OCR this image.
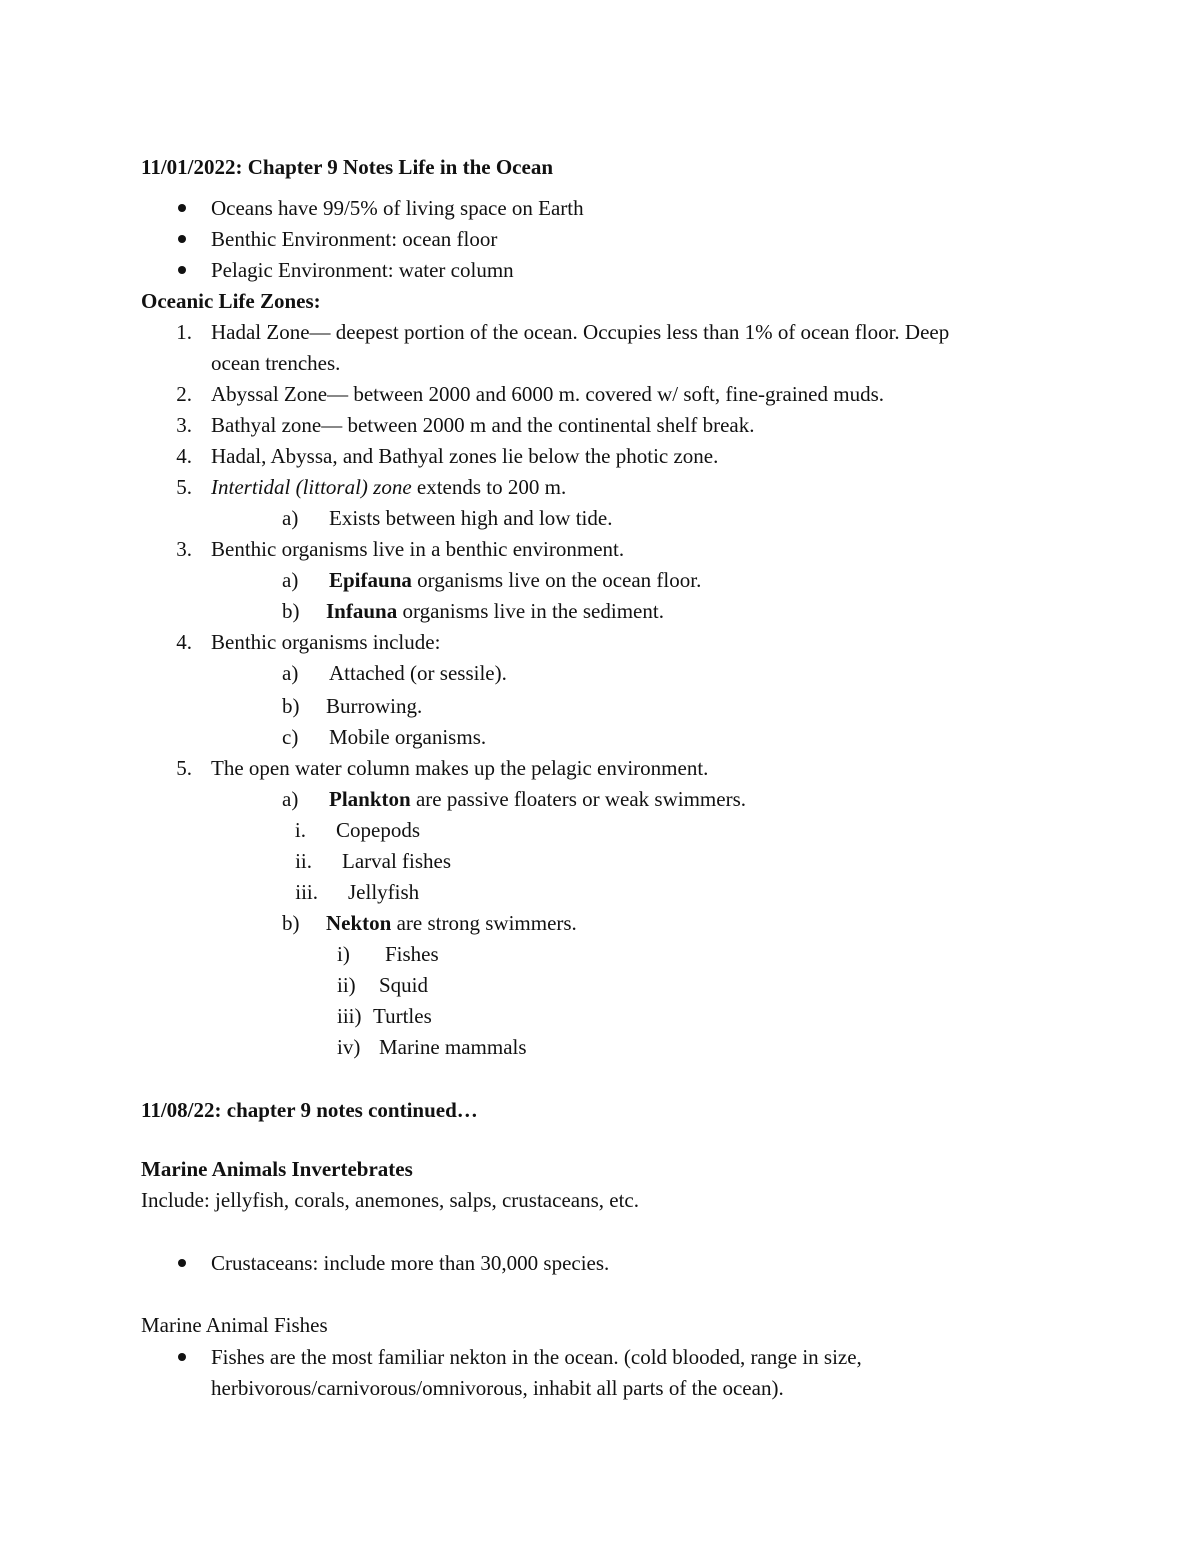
11/01/2022: Chapter 9 Notes Life in the Ocean
Oceans have 99/5% of living space on Earth
Benthic Environment: ocean floor
Pelagic Environment: water column
Oceanic Life Zones:
1. Hadal Zone— deepest portion of the ocean. Occupies less than 1% of ocean floor. Deep
ocean trenches.
2. Abyssal Zone— between 2000 and 6000 m. covered w/ soft, fine-grained muds.
3. Bathyal zone— between 2000 m and the continental shelf break.
4. Hadal, Abyssa, and Bathyal zones lie below the photic zone.
5. Intertidal (littoral) zone extends to 200 m.
a) Exists between high and low tide.
3. Benthic organisms live in a benthic environment.
a) Epifauna organisms live on the ocean floor.
b) Infauna organisms live in the sediment.
4. Benthic organisms include:
a) Attached (or sessile).
b) Burrowing.
c) Mobile organisms.
5. The open water column makes up the pelagic environment.
a) Plankton are passive floaters or weak swimmers.
i. Copepods
ii. Larval fishes
iii. Jellyfish
b) Nekton are strong swimmers.
i) Fishes
ii) Squid
iii) Turtles
iv) Marine mammals
11/08/22: chapter 9 notes continued…
Marine Animals Invertebrates
Include: jellyfish, corals, anemones, salps, crustaceans, etc.
Crustaceans: include more than 30,000 species.
Marine Animal Fishes
Fishes are the most familiar nekton in the ocean. (cold blooded, range in size,
herbivorous/carnivorous/omnivorous, inhabit all parts of the ocean).
